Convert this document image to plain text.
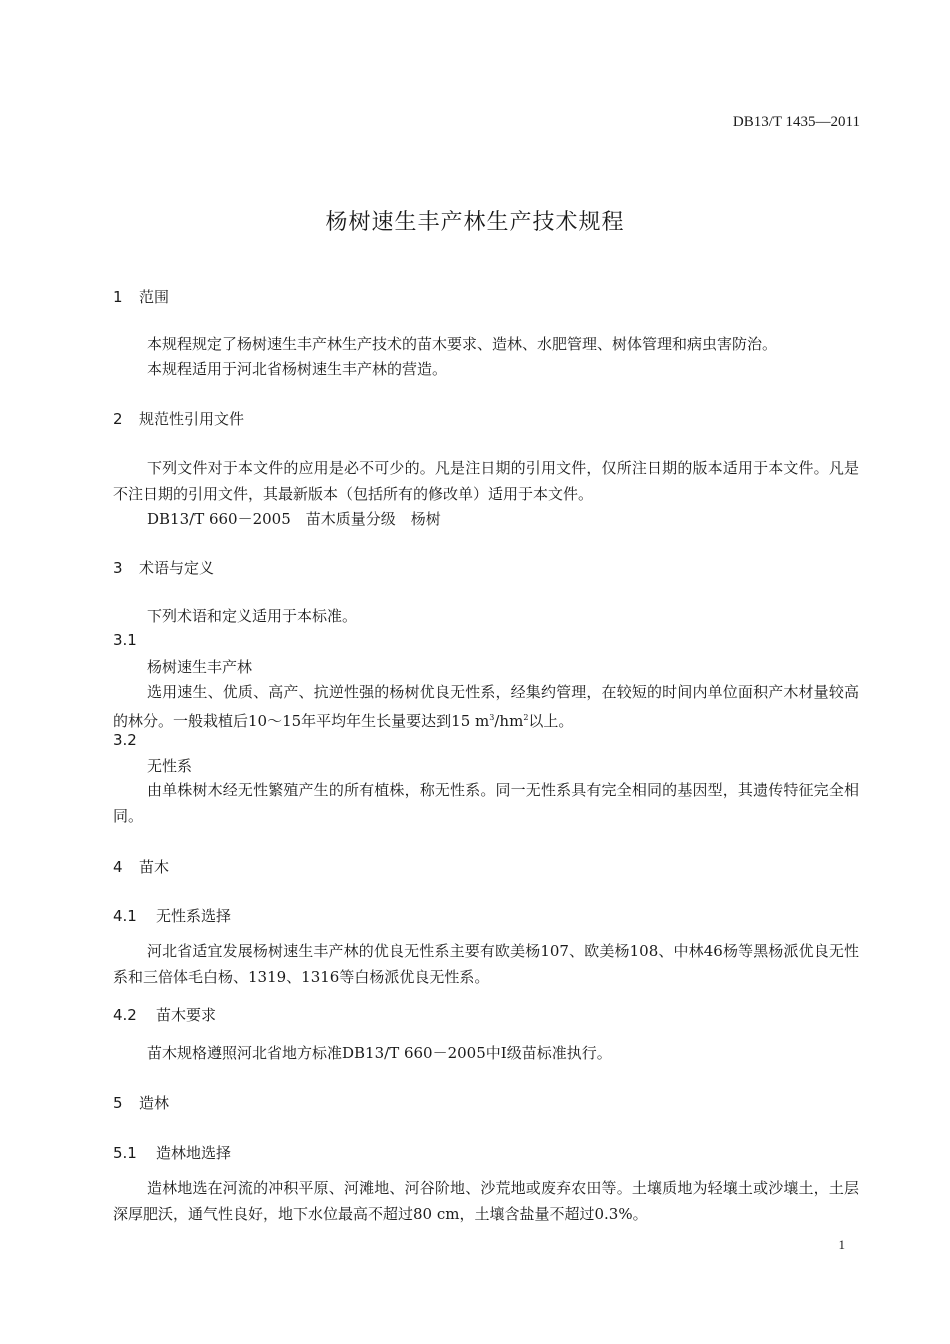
DB13/T 1435—2011
杨树速生丰产林生产技术规程
1 范围
本规程规定了杨树速生丰产林生产技术的苗木要求、造林、水肥管理、树体管理和病虫害防治。
本规程适用于河北省杨树速生丰产林的营造。
2 规范性引用文件
下列文件对于本文件的应用是必不可少的。凡是注日期的引用文件，仅所注日期的版本适用于本文件。凡是不注日期的引用文件，其最新版本（包括所有的修改单）适用于本文件。
DB13/T 660－2005　苗木质量分级　杨树
3 术语与定义
下列术语和定义适用于本标准。
3.1
杨树速生丰产林
选用速生、优质、高产、抗逆性强的杨树优良无性系，经集约管理，在较短的时间内单位面积产木材量较高的林分。一般栽植后10～15年平均年生长量要达到15 $m^3/hm^2$以上。
3.2
无性系
由单株树木经无性繁殖产生的所有植株，称无性系。同一无性系具有完全相同的基因型，其遗传特征完全相同。
4 苗木
4.1 无性系选择
河北省适宜发展杨树速生丰产林的优良无性系主要有欧美杨107、欧美杨108、中林46杨等黑杨派优良无性系和三倍体毛白杨、1319、1316等白杨派优良无性系。
4.2 苗木要求
苗木规格遵照河北省地方标准DB13/T 660－2005中Ⅰ级苗标准执行。
5 造林
5.1 造林地选择
造林地选在河流的冲积平原、河滩地、河谷阶地、沙荒地或废弃农田等。土壤质地为轻壤土或沙壤土，土层深厚肥沃，通气性良好，地下水位最高不超过80 cm，土壤含盐量不超过0.3%。
1
